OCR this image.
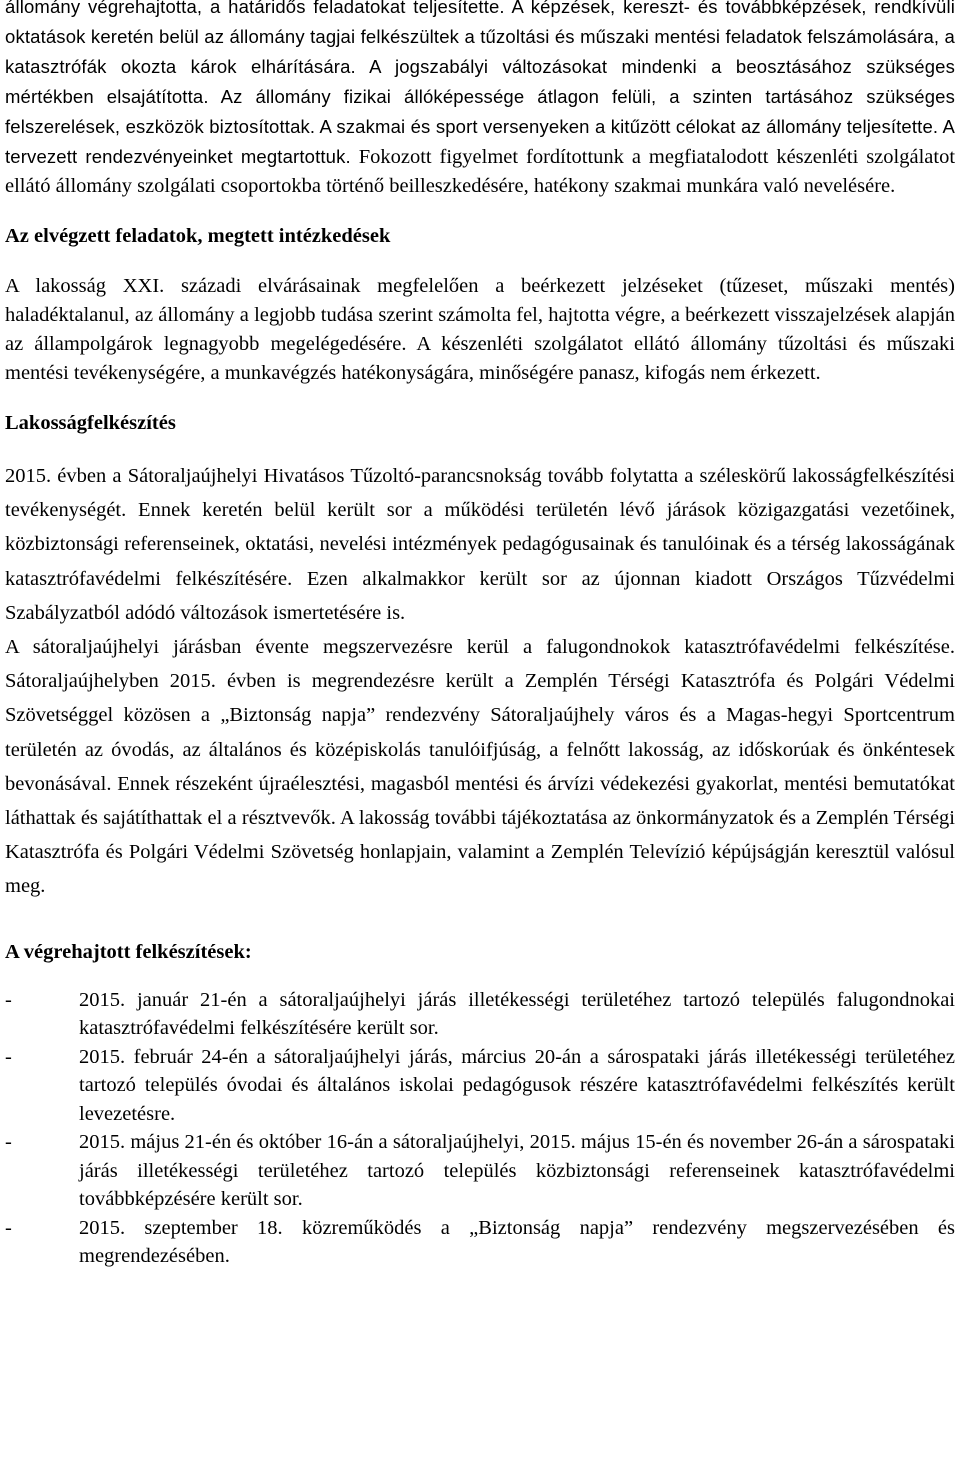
állomány végrehajtotta, a határidős feladatokat teljesítette. A képzések, kereszt- és továbbképzések, rendkívüli oktatások keretén belül az állomány tagjai felkészültek a tűzoltási és műszaki mentési feladatok felszámolására, a katasztrófák okozta károk elhárítására. A jogszabályi változásokat mindenki a beosztásához szükséges mértékben elsajátította. Az állomány fizikai állóképessége átlagon felüli, a szinten tartásához szükséges felszerelések, eszközök biztosítottak. A szakmai és sport versenyeken a kitűzött célokat az állomány teljesítette. A tervezett rendezvényeinket megtartottuk. Fokozott figyelmet fordítottunk a megfiatalodott készenléti szolgálatot ellátó állomány szolgálati csoportokba történő beilleszkedésére, hatékony szakmai munkára való nevelésére.

Az elvégzett feladatok, megtett intézkedések

A lakosság XXI. századi elvárásainak megfelelően a beérkezett jelzéseket (tűzeset, műszaki mentés) haladéktalanul, az állomány a legjobb tudása szerint számolta fel, hajtotta végre, a beérkezett visszajelzések alapján az állampolgárok legnagyobb megelégedésére. A készenléti szolgálatot ellátó állomány tűzoltási és műszaki mentési tevékenységére, a munkavégzés hatékonyságára, minőségére panasz, kifogás nem érkezett.

Lakosságfelkészítés

2015. évben a Sátoraljaújhelyi Hivatásos Tűzoltó-parancsnokság tovább folytatta a széleskörű lakosságfelkészítési tevékenységét. Ennek keretén belül került sor a működési területén lévő járások közigazgatási vezetőinek, közbiztonsági referenseinek, oktatási, nevelési intézmények pedagógusainak és tanulóinak és a térség lakosságának katasztrófavédelmi felkészítésére. Ezen alkalmakkor került sor az újonnan kiadott Országos Tűzvédelmi Szabályzatból adódó változások ismertetésére is.

A sátoraljaújhelyi járásban évente megszervezésre kerül a falugondnokok katasztrófavédelmi felkészítése. Sátoraljaújhelyben 2015. évben is megrendezésre került a Zemplén Térségi Katasztrófa és Polgári Védelmi Szövetséggel közösen a „Biztonság napja” rendezvény Sátoraljaújhely város és a Magas-hegyi Sportcentrum területén az óvodás, az általános és középiskolás tanulóifjúság, a felnőtt lakosság, az időskorúak és önkéntesek bevonásával. Ennek részeként újraélesztési, magasból mentési és árvízi védekezési gyakorlat, mentési bemutatókat láthattak és sajátíthattak el a résztvevők. A lakosság további tájékoztatása az önkormányzatok és a Zemplén Térségi Katasztrófa és Polgári Védelmi Szövetség honlapjain, valamint a Zemplén Televízió képújságján keresztül valósul meg.

A végrehajtott felkészítések:
-	2015. január 21-én a sátoraljaújhelyi járás illetékességi területéhez tartozó település falugondnokai katasztrófavédelmi felkészítésére került sor.
-	2015. február 24-én a sátoraljaújhelyi járás, március 20-án a sárospataki járás illetékességi területéhez tartozó település óvodai és általános iskolai pedagógusok részére katasztrófavédelmi felkészítés került levezetésre.
-	2015. május 21-én és október 16-án a sátoraljaújhelyi, 2015. május 15-én és november 26-án a sárospataki járás illetékességi területéhez tartozó település közbiztonsági referenseinek katasztrófavédelmi továbbképzésére került sor.
-	2015. szeptember 18. közreműködés a „Biztonság napja” rendezvény megszervezésében és megrendezésében.
